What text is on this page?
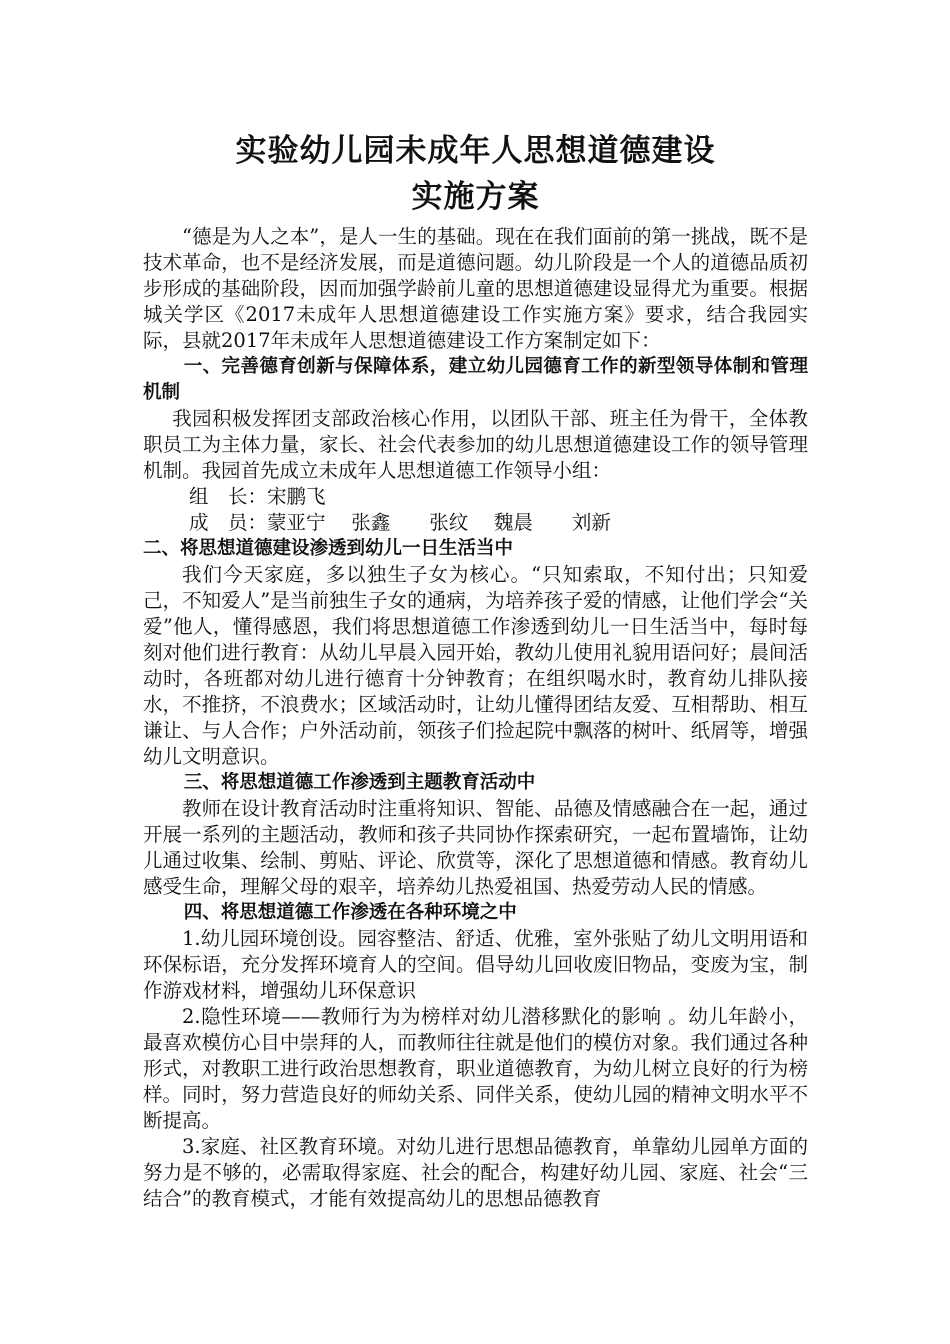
实验幼儿园未成年人思想道德建设
实施方案

“德是为人之本”，是人一生的基础。现在在我们面前的第一挑战，既不是技术革命，也不是经济发展，而是道德问题。幼儿阶段是一个人的道德品质初步形成的基础阶段，因而加强学龄前儿童的思想道德建设显得尤为重要。根据城关学区《2017未成年人思想道德建设工作实施方案》要求，结合我园实际，县就2017年未成年人思想道德建设工作方案制定如下：

一、完善德育创新与保障体系，建立幼儿园德育工作的新型领导体制和管理机制

我园积极发挥团支部政治核心作用，以团队干部、班主任为骨干，全体教职员工为主体力量，家长、社会代表参加的幼儿思想道德建设工作的领导管理机制。我园首先成立未成年人思想道德工作领导小组：

组　长：宋鹏飞

成　员：蒙亚宁　 张鑫　　张纹　 魏晨　　刘新

二、将思想道德建设渗透到幼儿一日生活当中

我们今天家庭，多以独生子女为核心。“只知索取，不知付出；只知爱己，不知爱人”是当前独生子女的通病，为培养孩子爱的情感，让他们学会“关爱”他人，懂得感恩，我们将思想道德工作渗透到幼儿一日生活当中，每时每刻对他们进行教育：从幼儿早晨入园开始，教幼儿使用礼貌用语问好；晨间活动时，各班都对幼儿进行德育十分钟教育；在组织喝水时，教育幼儿排队接水，不推挤，不浪费水；区域活动时，让幼儿懂得团结友爱、互相帮助、相互谦让、与人合作；户外活动前，领孩子们捡起院中飘落的树叶、纸屑等，增强幼儿文明意识。

三、将思想道德工作渗透到主题教育活动中

教师在设计教育活动时注重将知识、智能、品德及情感融合在一起，通过开展一系列的主题活动，教师和孩子共同协作探索研究，一起布置墙饰，让幼儿通过收集、绘制、剪贴、评论、欣赏等，深化了思想道德和情感。教育幼儿感受生命，理解父母的艰辛，培养幼儿热爱祖国、热爱劳动人民的情感。

四、将思想道德工作渗透在各种环境之中

1.幼儿园环境创设。园容整洁、舒适、优雅，室外张贴了幼儿文明用语和环保标语，充分发挥环境育人的空间。倡导幼儿回收废旧物品，变废为宝，制作游戏材料，增强幼儿环保意识

2.隐性环境——教师行为为榜样对幼儿潜移默化的影响 。幼儿年龄小，最喜欢模仿心目中崇拜的人，而教师往往就是他们的模仿对象。我们通过各种形式，对教职工进行政治思想教育，职业道德教育，为幼儿树立良好的行为榜样。同时，努力营造良好的师幼关系、同伴关系，使幼儿园的精神文明水平不断提高。

3.家庭、社区教育环境。对幼儿进行思想品德教育，单靠幼儿园单方面的努力是不够的，必需取得家庭、社会的配合，构建好幼儿园、家庭、社会“三结合”的教育模式，才能有效提高幼儿的思想品德教育
